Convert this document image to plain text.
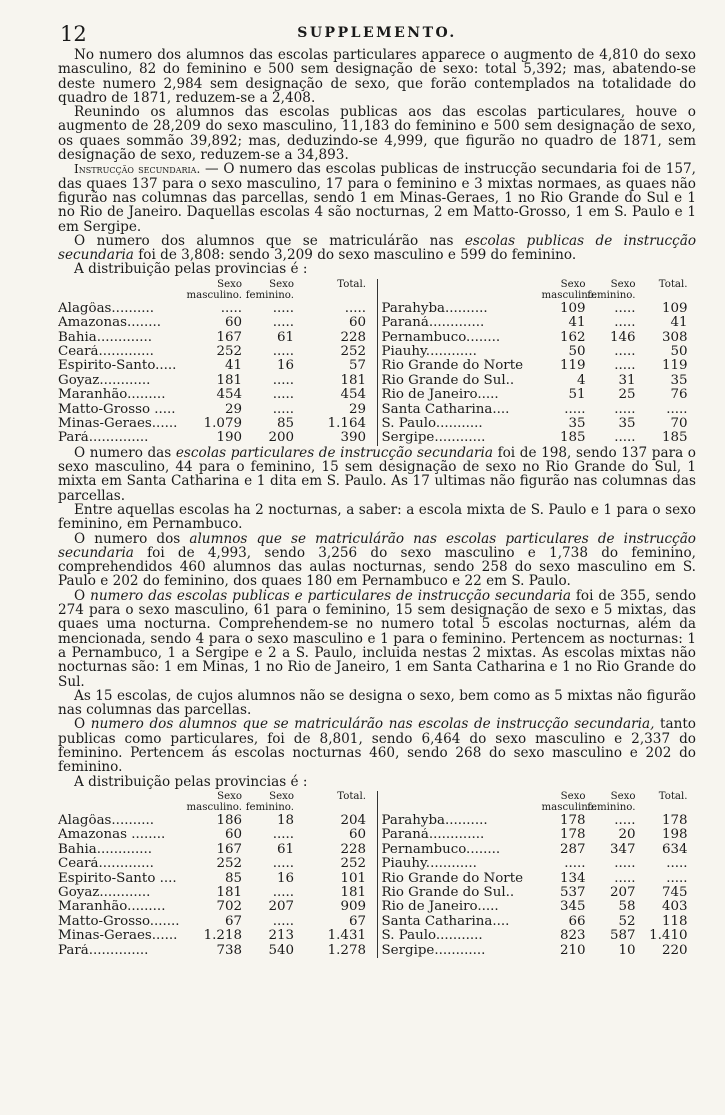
12	SUPPLEMENTO.

No numero dos alumnos das escolas particulares apparece o augmento de 4,810 do sexo masculino, 82 do feminino e 500 sem designação de sexo: total 5,392; mas, abatendo-se deste numero 2,984 sem designação de sexo, que forão contemplados na totalidade do quadro de 1871, reduzem-se a 2,408.

Reunindo os alumnos das escolas publicas aos das escolas particulares, houve o augmento de 28,209 do sexo masculino, 11,183 do feminino e 500 sem designação de sexo, os quaes sommão 39,892; mas, deduzindo-se 4,999, que figurão no quadro de 1871, sem designação de sexo, reduzem-se a 34,893.

Instrucção secundaria. — O numero das escolas publicas de instrucção secundaria foi de 157, das quaes 137 para o sexo masculino, 17 para o feminino e 3 mixtas normaes, as quaes não figurão nas columnas das parcellas, sendo 1 em Minas-Geraes, 1 no Rio Grande do Sul e 1 no Rio de Janeiro. Daquellas escolas 4 são nocturnas, 2 em Matto-Grosso, 1 em S. Paulo e 1 em Sergipe.

O numero dos alumnos que se matriculárão nas escolas publicas de instrucção secundaria foi de 3,808: sendo 3,209 do sexo masculino e 599 do feminino.

A distribuição pelas provincias é :

Sexo masculino.
Sexo feminino.
Total.
Alagôas..........	.....	.....	.....
Amazonas........	60	.....	60
Bahia.............	167	61	228
Ceará.............	252	.....	252
Espirito-Santo.....	41	16	57
Goyaz............	181	.....	181
Maranhão.........	454	.....	454
Matto-Grosso .....	29	.....	29
Minas-Geraes......	1.079	85	1.164
Pará..............	190	200	390
Sexo masculino.
Sexo feminino.
Total.
Parahyba..........	109	.....	109
Paraná.............	41	.....	41
Pernambuco........	162	146	308
Piauhy............	50	.....	50
Rio Grande do Norte	119	.....	119
Rio Grande do Sul..	4	31	35
Rio de Janeiro.....	51	25	76
Santa Catharina....	.....	.....	.....
S. Paulo...........	35	35	70
Sergipe............	185	.....	185

O numero das escolas particulares de instrucção secundaria foi de 198, sendo 137 para o sexo masculino, 44 para o feminino, 15 sem designação de sexo no Rio Grande do Sul, 1 mixta em Santa Catharina e 1 dita em S. Paulo. As 17 ultimas não figurão nas columnas das parcellas.

Entre aquellas escolas ha 2 nocturnas, a saber: a escola mixta de S. Paulo e 1 para o sexo feminino, em Pernambuco.

O numero dos alumnos que se matriculárão nas escolas particulares de instrucção secundaria foi de 4,993, sendo 3,256 do sexo masculino e 1,738 do feminino, comprehendidos 460 alumnos das aulas nocturnas, sendo 258 do sexo masculino em S. Paulo e 202 do feminino, dos quaes 180 em Pernambuco e 22 em S. Paulo.

O numero das escolas publicas e particulares de instrucção secundaria foi de 355, sendo 274 para o sexo masculino, 61 para o feminino, 15 sem designação de sexo e 5 mixtas, das quaes uma nocturna. Comprehendem-se no numero total 5 escolas nocturnas, além da mencionada, sendo 4 para o sexo masculino e 1 para o feminino. Pertencem as nocturnas: 1 a Pernambuco, 1 a Sergipe e 2 a S. Paulo, incluida nestas 2 mixtas. As escolas mixtas não nocturnas são: 1 em Minas, 1 no Rio de Janeiro, 1 em Santa Catharina e 1 no Rio Grande do Sul.

As 15 escolas, de cujos alumnos não se designa o sexo, bem como as 5 mixtas não figurão nas columnas das parcellas.

O numero dos alumnos que se matriculárão nas escolas de instrucção secundaria, tanto publicas como particulares, foi de 8,801, sendo 6,464 do sexo masculino e 2,337 do feminino. Pertencem ás escolas nocturnas 460, sendo 268 do sexo masculino e 202 do feminino.

A distribuição pelas provincias é :

Sexo masculino.
Sexo feminino.
Total.
Alagôas..........	186	18	204
Amazonas ........	60	.....	60
Bahia.............	167	61	228
Ceará.............	252	.....	252
Espirito-Santo ....	85	16	101
Goyaz............	181	.....	181
Maranhão.........	702	207	909
Matto-Grosso.......	67	.....	67
Minas-Geraes......	1.218	213	1.431
Pará..............	738	540	1.278
Sexo masculino.
Sexo feminino.
Total.
Parahyba..........	178	.....	178
Paraná.............	178	20	198
Pernambuco........	287	347	634
Piauhy............	.....	.....	.....
Rio Grande do Norte	134	.....	.....
Rio Grande do Sul..	537	207	745
Rio de Janeiro.....	345	58	403
Santa Catharina....	66	52	118
S. Paulo...........	823	587	1.410
Sergipe............	210	10	220
